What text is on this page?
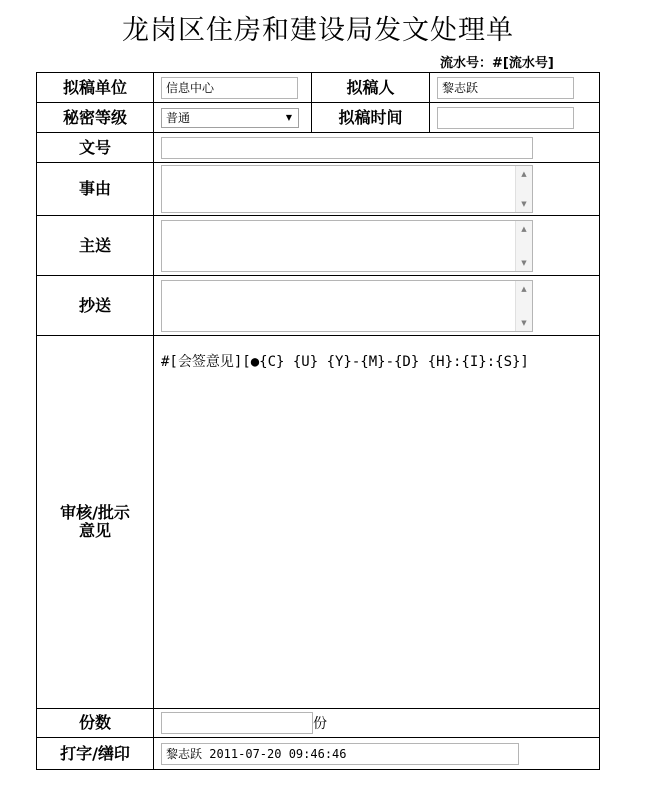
龙岗区住房和建设局发文处理单
流水号：#[流水号]
拟稿单位	信息中心	拟稿人	黎志跃

秘密等级	普通 ▼	拟稿时间	

文号			

事由	▲
▼		

主送	▲
▼		

抄送	▲
▼		

审核/批示
意见	#[会签意见][●{C} {U} {Y}-{M}-{D} {H}:{I}:{S}]		
份数	份		
打字/缮印	黎志跃 2011-07-20 09:46:46		
